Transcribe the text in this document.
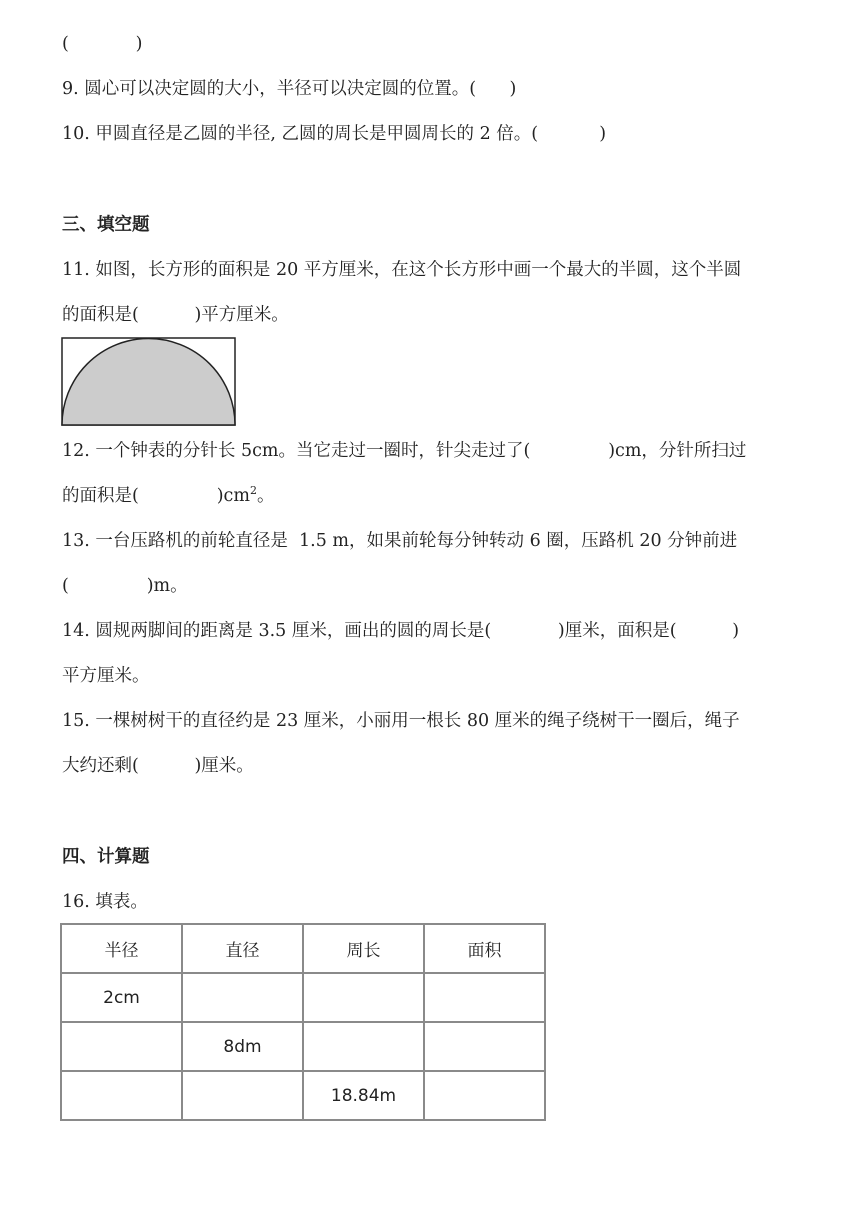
(            )
9. 圆心可以决定圆的大小，半径可以决定圆的位置。(      )
10. 甲圆直径是乙圆的半径, 乙圆的周长是甲圆周长的 2 倍。(           )
三、填空题
11. 如图，长方形的面积是 20 平方厘米，在这个长方形中画一个最大的半圆，这个半圆
的面积是(          )平方厘米。
12. 一个钟表的分针长 5cm。当它走过一圈时，针尖走过了(              )cm，分针所扫过
的面积是(              )$cm^2$。
13. 一台压路机的前轮直径是  1.5 m，如果前轮每分钟转动 6 圈，压路机 20 分钟前进
(              )m。
14. 圆规两脚间的距离是 3.5 厘米，画出的圆的周长是(            )厘米，面积是(          )
平方厘米。
15. 一棵树树干的直径约是 23 厘米，小丽用一根长 80 厘米的绳子绕树干一圈后，绳子
大约还剩(          )厘米。
四、计算题
16. 填表。
半径	直径	周长	面积
2cm			
	8dm		
		18.84m	
